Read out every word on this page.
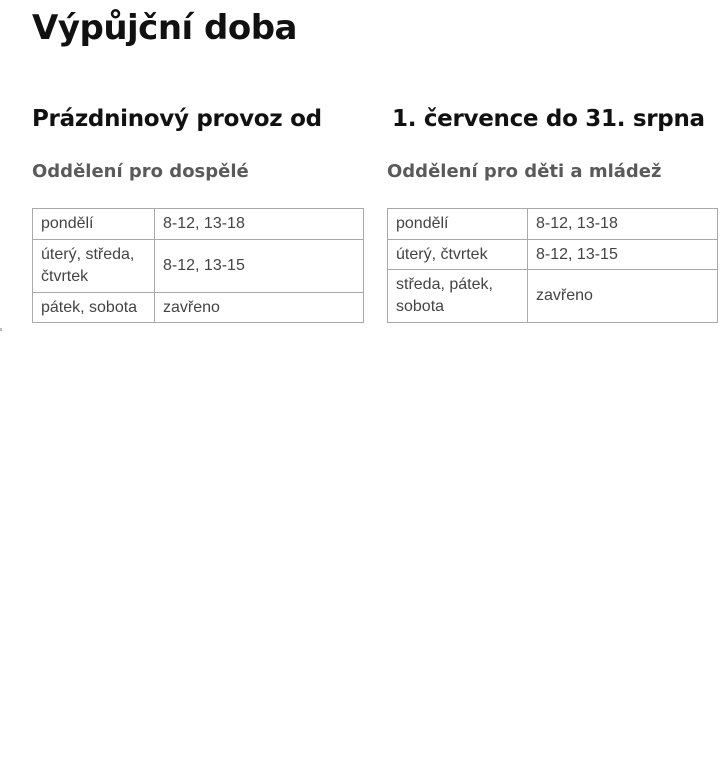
Výpůjční doba
Prázdninový provoz od	1. července do 31. srpna
Oddělení pro dospělé	Oddělení pro děti a mládež
pondělí	8-12, 13-18
úterý, středa, čtvrtek	8-12, 13-15
pátek, sobota	zavřeno
pondělí	8-12, 13-18
úterý, čtvrtek	8-12, 13-15
středa, pátek, sobota	zavřeno
